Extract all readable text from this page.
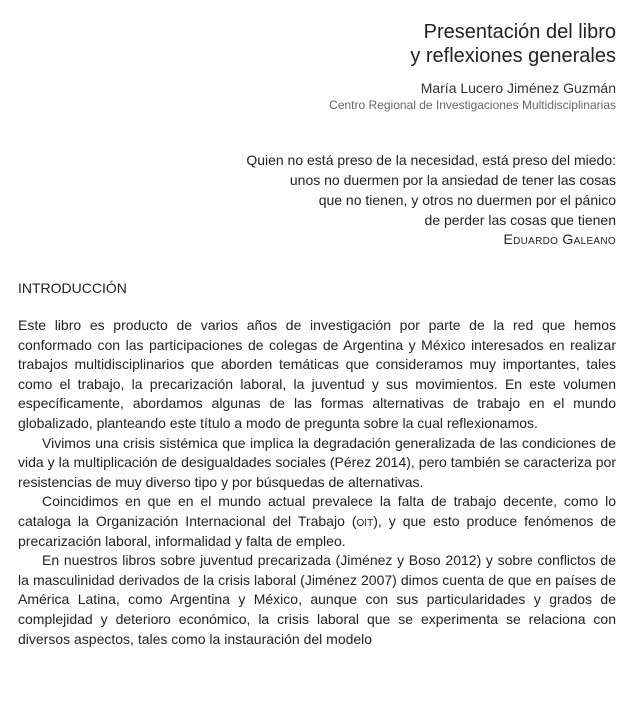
Presentación del libro
y reflexiones generales
María Lucero Jiménez Guzmán
Centro Regional de Investigaciones Multidisciplinarias
Quien no está preso de la necesidad, está preso del miedo:
unos no duermen por la ansiedad de tener las cosas
que no tienen, y otros no duermen por el pánico
de perder las cosas que tienen
Eduardo Galeano
INTRODUCCIÓN

Este libro es producto de varios años de investigación por parte de la red que hemos conformado con las participaciones de colegas de Argentina y México interesados en realizar trabajos multidisciplinarios que aborden temáticas que consideramos muy importantes, tales como el trabajo, la precarización laboral, la juventud y sus movimientos. En este volumen específicamente, abordamos algunas de las formas alternativas de trabajo en el mundo globalizado, planteando este título a modo de pregunta sobre la cual reflexionamos.

Vivimos una crisis sistémica que implica la degradación generalizada de las condiciones de vida y la multiplicación de desigualdades sociales (Pérez 2014), pero también se caracteriza por resistencias de muy diverso tipo y por búsquedas de alternativas.

Coincidimos en que en el mundo actual prevalece la falta de trabajo decente, como lo cataloga la Organización Internacional del Trabajo (oit), y que esto produce fenómenos de precarización laboral, informalidad y falta de empleo.

En nuestros libros sobre juventud precarizada (Jiménez y Boso 2012) y sobre conflictos de la masculinidad derivados de la crisis laboral (Jiménez 2007) dimos cuenta de que en países de América Latina, como Argentina y México, aunque con sus particularidades y grados de complejidad y deterioro económico, la crisis laboral que se experimenta se relaciona con diversos aspectos, tales como la instauración del modelo
